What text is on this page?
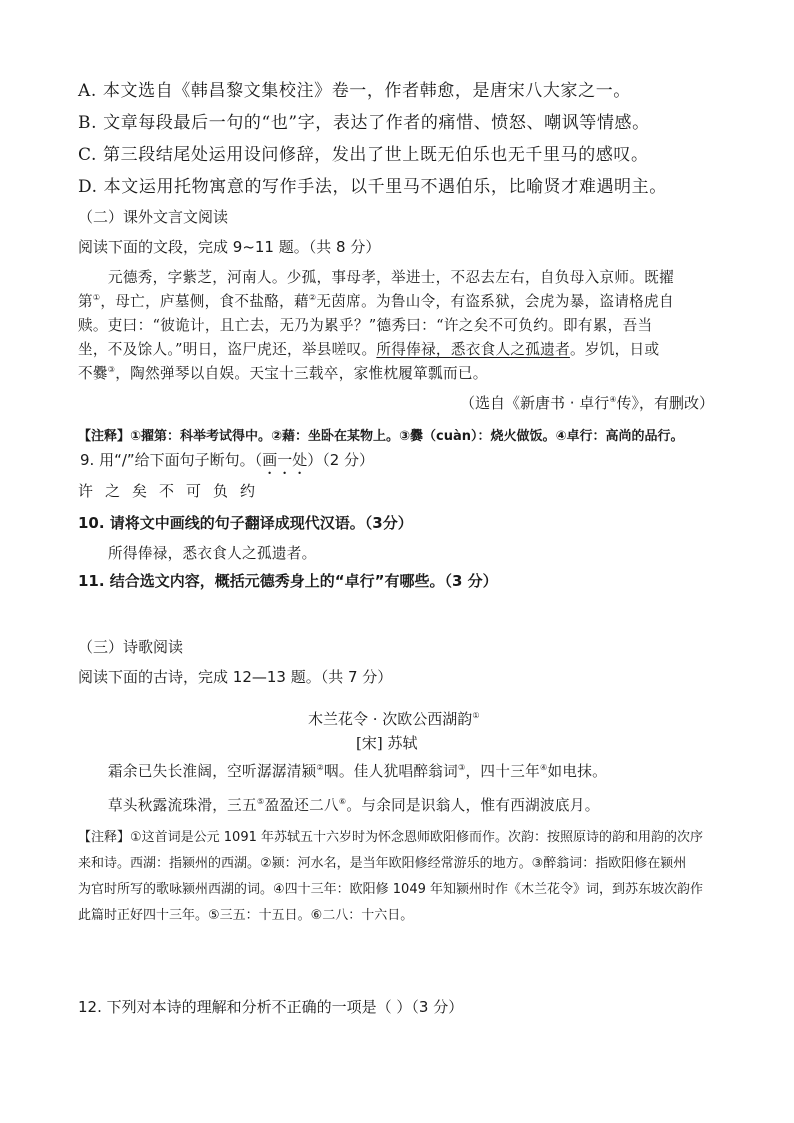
A. 本文选自《韩昌黎文集校注》卷一，作者韩愈，是唐宋八大家之一。
B. 文章每段最后一句的“也”字，表达了作者的痛惜、愤怒、嘲讽等情感。
C. 第三段结尾处运用设问修辞，发出了世上既无伯乐也无千里马的感叹。
D. 本文运用托物寓意的写作手法，以千里马不遇伯乐，比喻贤才难遇明主。
（二）课外文言文阅读
阅读下面的文段，完成 9~11 题。（共 8 分）
元德秀，字紫芝，河南人。少孤，事母孝，举进士，不忍去左右，自负母入京师。既擢
第①，母亡，庐墓侧，食不盐酪，藉②无茵席。为鲁山令，有盗系狱，会虎为暴，盗请格虎自
赎。吏曰：“彼诡计，且亡去，无乃为累乎？”德秀曰：“许之矣不可负约。即有累，吾当
坐，不及馀人。”明日，盗尸虎还，举县嗟叹。所得俸禄，悉衣食人之孤遗者。岁饥，日或
不爨③，陶然弹琴以自娱。天宝十三载卒，家惟枕履箪瓢而已。
（选自《新唐书 · 卓行④传》，有删改）
【注释】①擢第：科举考试得中。②藉：坐卧在某物上。③爨（cuàn）：烧火做饭。④卓行：高尚的品行。
9. 用“/”给下面句子断句。（画一处）（2 分）
许之矣不可负约
10. 请将文中画线的句子翻译成现代汉语。（3分）
所得俸禄，悉衣食人之孤遗者。
11. 结合选文内容，概括元德秀身上的“卓行”有哪些。（3 分）
（三）诗歌阅读
阅读下面的古诗，完成 12—13 题。（共 7 分）
木兰花令 · 次欧公西湖韵①
[宋] 苏轼
霜余已失长淮阔，空听潺潺清颍②咽。佳人犹唱醉翁词③，四十三年④如电抹。
草头秋露流珠滑，三五⑤盈盈还二八⑥。与余同是识翁人，惟有西湖波底月。
【注释】①这首词是公元 1091 年苏轼五十六岁时为怀念恩师欧阳修而作。次韵：按照原诗的韵和用韵的次序
来和诗。西湖：指颍州的西湖。②颍：河水名，是当年欧阳修经常游乐的地方。③醉翁词：指欧阳修在颍州
为官时所写的歌咏颍州西湖的词。④四十三年：欧阳修 1049 年知颍州时作《木兰花令》词，到苏东坡次韵作
此篇时正好四十三年。⑤三五：十五日。⑥二八：十六日。
12. 下列对本诗的理解和分析不正确的一项是（ ）（3 分）
